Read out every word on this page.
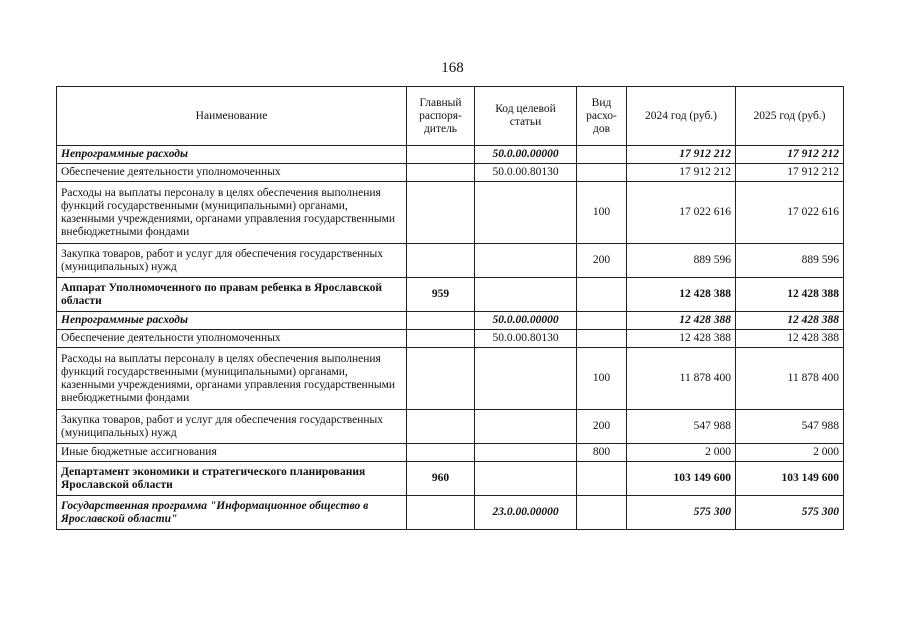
168
Наименование	Главный распоря-дитель	Код целевой статьи	Вид расхо-дов	2024 год (руб.)	2025 год (руб.)
Непрограммные расходы		50.0.00.00000		17 912 212	17 912 212
Обеспечение деятельности уполномоченных		50.0.00.80130		17 912 212	17 912 212
Расходы на выплаты персоналу в целях обеспечения выполнения функций государственными (муниципальными) органами, казенными учреждениями, органами управления государственными внебюджетными фондами			100	17 022 616	17 022 616
Закупка товаров, работ и услуг для обеспечения государственных (муниципальных) нужд			200	889 596	889 596
Аппарат Уполномоченного по правам ребенка в Ярославской области	959			12 428 388	12 428 388
Непрограммные расходы		50.0.00.00000		12 428 388	12 428 388
Обеспечение деятельности уполномоченных		50.0.00.80130		12 428 388	12 428 388
Расходы на выплаты персоналу в целях обеспечения выполнения функций государственными (муниципальными) органами, казенными учреждениями, органами управления государственными внебюджетными фондами			100	11 878 400	11 878 400
Закупка товаров, работ и услуг для обеспечения государственных (муниципальных) нужд			200	547 988	547 988
Иные бюджетные ассигнования			800	2 000	2 000
Департамент экономики и стратегического планирования Ярославской области	960			103 149 600	103 149 600
Государственная программа "Информационное общество в Ярославской области"		23.0.00.00000		575 300	575 300
